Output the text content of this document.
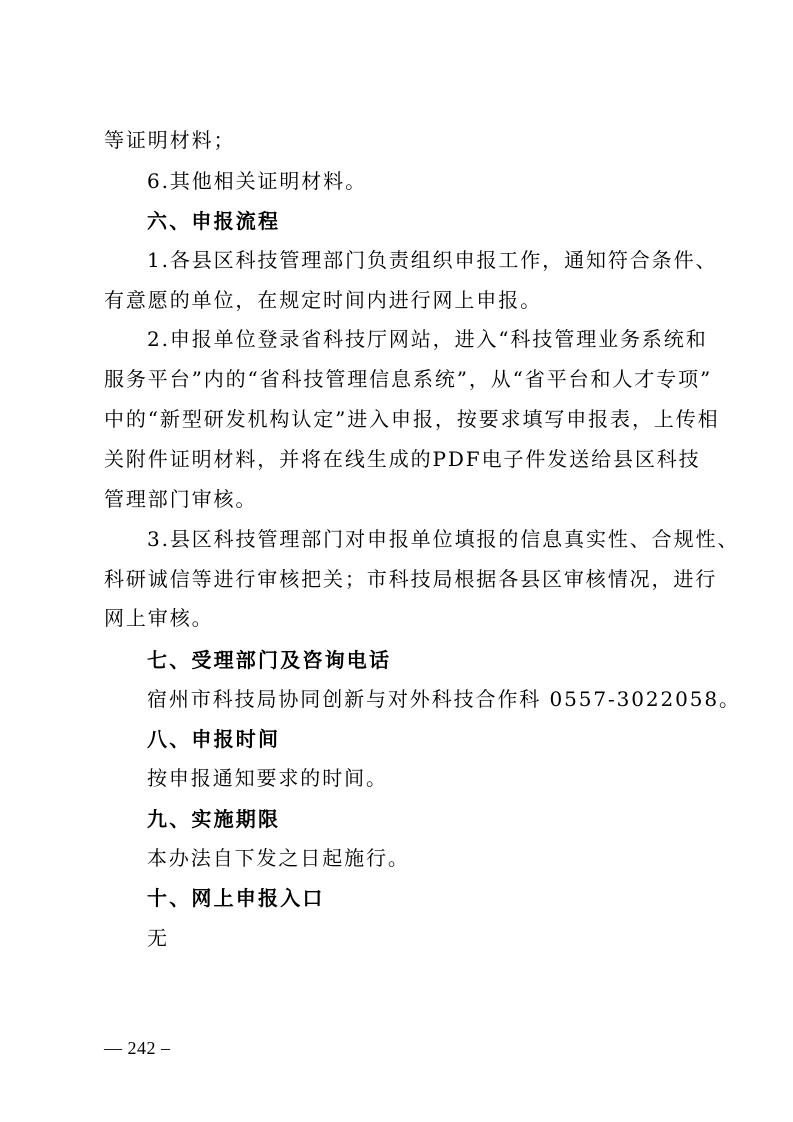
等证明材料；

6.其他相关证明材料。

六、申报流程

1.各县区科技管理部门负责组织申报工作，通知符合条件、

有意愿的单位，在规定时间内进行网上申报。

2.申报单位登录省科技厅网站，进入“科技管理业务系统和

服务平台”内的“省科技管理信息系统”，从“省平台和人才专项”

中的“新型研发机构认定”进入申报，按要求填写申报表，上传相

关附件证明材料，并将在线生成的PDF电子件发送给县区科技

管理部门审核。

3.县区科技管理部门对申报单位填报的信息真实性、合规性、

科研诚信等进行审核把关；市科技局根据各县区审核情况，进行

网上审核。

七、受理部门及咨询电话

宿州市科技局协同创新与对外科技合作科 0557-3022058。

八、申报时间

按申报通知要求的时间。

九、实施期限

本办法自下发之日起施行。

十、网上申报入口

无

— 242 –
